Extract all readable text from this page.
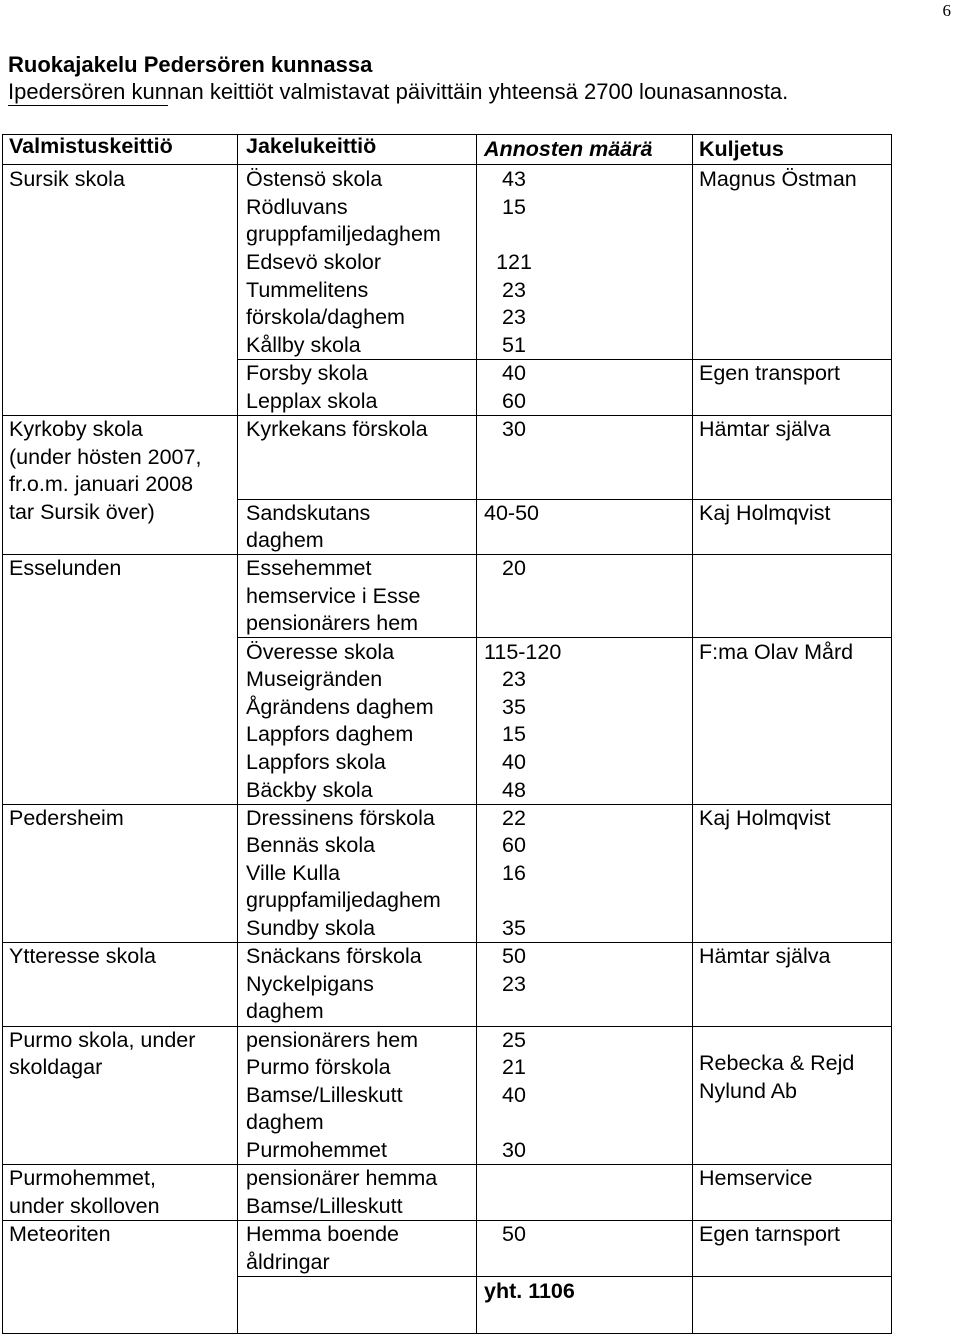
6
Ruokajakelu Pedersören kunnassa
Ipedersören kunnan keittiöt valmistavat päivittäin yhteensä 2700 lounasannosta.
Valmistuskeittiö	Jakelukeittiö	Annosten määrä Kuljetus
Sursik skola
Kyrkoby skola
(under hösten 2007,
fr.o.m. januari 2008
tar Sursik över)
Esselunden
Pedersheim
Ytteresse skola
Purmo skola, under
skoldagar
Purmohemmet,
under skolloven
Meteoriten
Östensö skola
Rödluvans
gruppfamiljedaghem
Edsevö skolor
Tummelitens
förskola/daghem
Kållby skola
Forsby skola
Lepplax skola
Kyrkekans förskola
Sandskutans
daghem
Essehemmet
hemservice i Esse
pensionärers hem
Överesse skola
Museigränden
Ågrändens daghem
Lappfors daghem
Lappfors skola
Bäckby skola
Dressinens förskola
Bennäs skola
Ville Kulla
gruppfamiljedaghem
Sundby skola
Snäckans förskola
Nyckelpigans
daghem
pensionärers hem
Purmo förskola
Bamse/Lilleskutt
daghem
Purmohemmet
pensionärer hemma
Bamse/Lilleskutt
Hemma boende
åldringar
43
15
121
23
23
51
40
60
30
40-50
20
115-120
23
35
15
40
48
22
60
16
35
50
23
25
21
40
30
50
yht. 1106
Magnus Östman
Egen transport
Hämtar själva
Kaj Holmqvist
F:ma Olav Mård
Kaj Holmqvist
Hämtar själva
Rebecka & Rejd
Nylund Ab
Hemservice
Egen tarnsport
